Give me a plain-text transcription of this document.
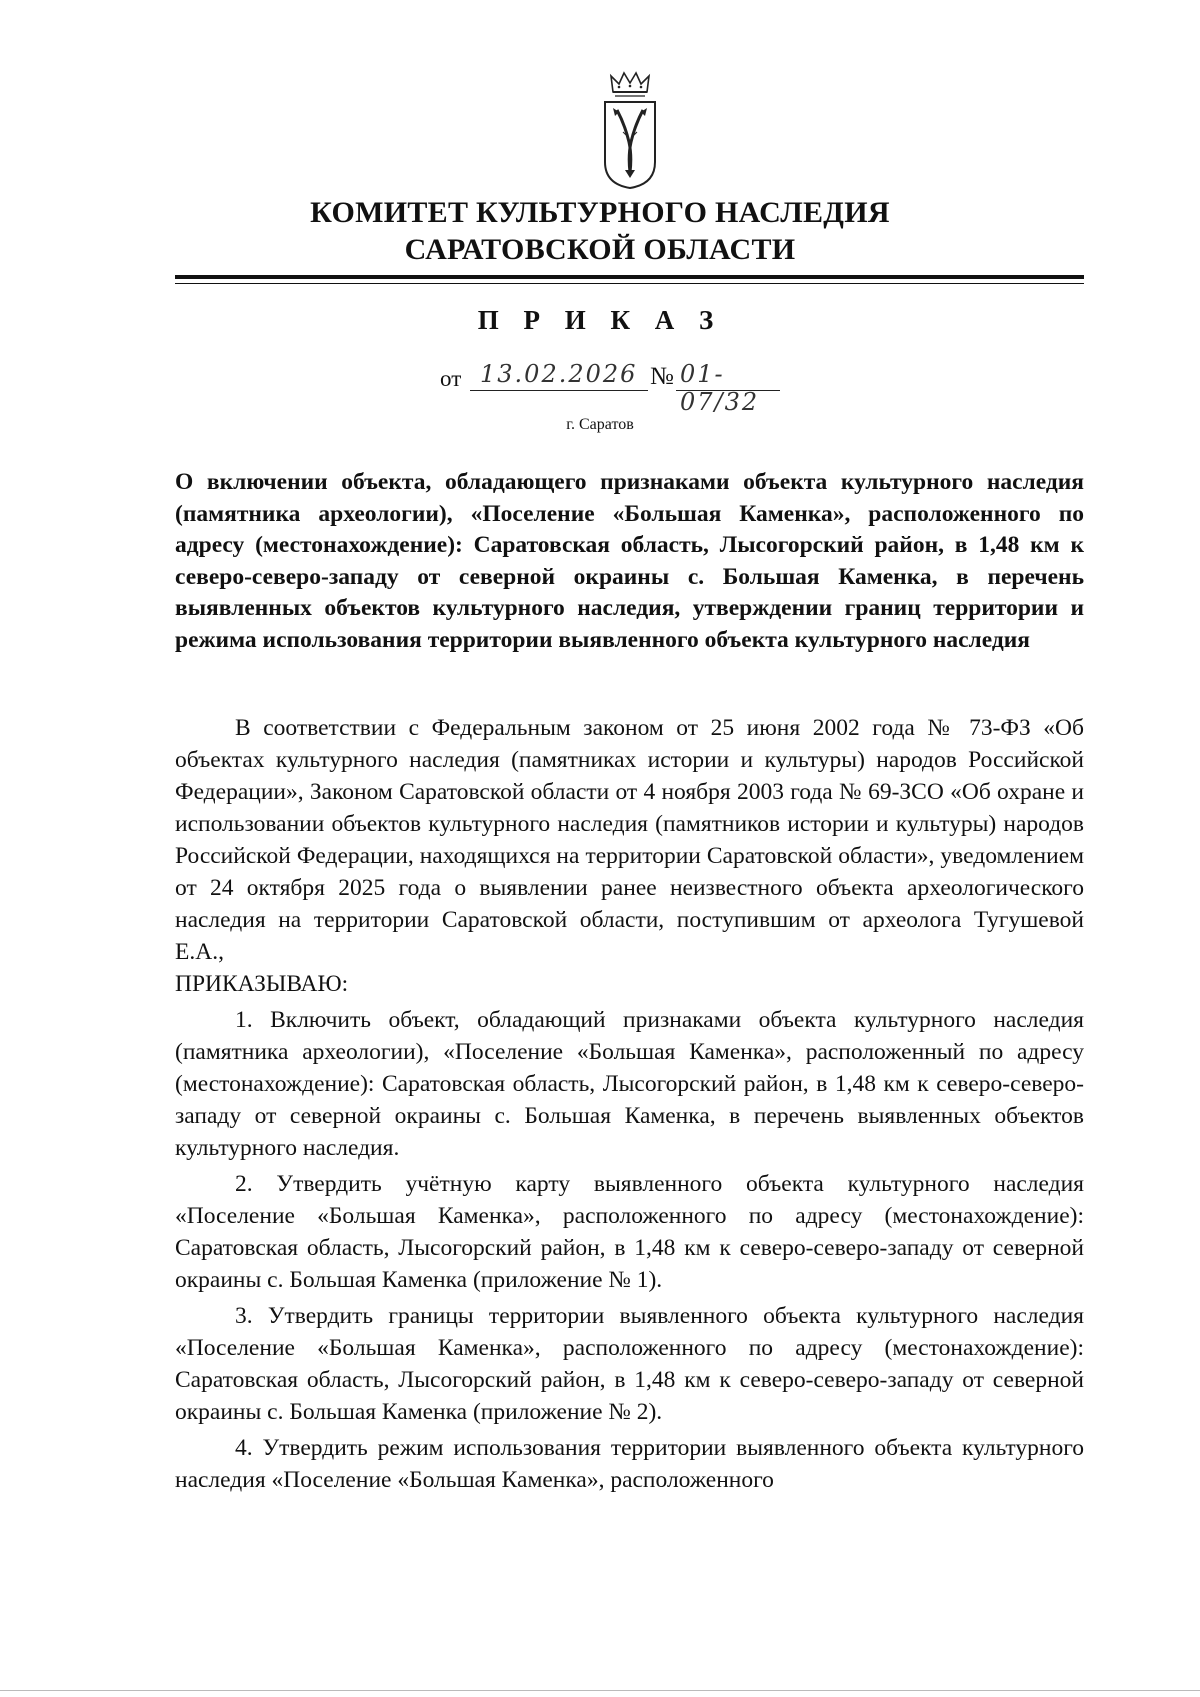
КОМИТЕТ КУЛЬТУРНОГО НАСЛЕДИЯ
САРАТОВСКОЙ ОБЛАСТИ
П Р И К А З
от 13.02.2026 № 01-07/32
г. Саратов
О включении объекта, обладающего признаками объекта культурного наследия (памятника археологии), «Поселение «Большая Каменка», расположенного по адресу (местонахождение): Саратовская область, Лысогорский район, в 1,48 км к северо-северо-западу от северной окраины с. Большая Каменка, в перечень выявленных объектов культурного наследия, утверждении границ территории и режима использования территории выявленного объекта культурного наследия

В соответствии с Федеральным законом от 25 июня 2002 года № 73-ФЗ «Об объектах культурного наследия (памятниках истории и культуры) народов Российской Федерации», Законом Саратовской области от 4 ноября 2003 года № 69-ЗСО «Об охране и использовании объектов культурного наследия (памятников истории и культуры) народов Российской Федерации, находящихся на территории Саратовской области», уведомлением от 24 октября 2025 года о выявлении ранее неизвестного объекта археологического наследия на территории Саратовской области, поступившим от археолога Тугушевой Е.А.,

ПРИКАЗЫВАЮ:

1. Включить объект, обладающий признаками объекта культурного наследия (памятника археологии), «Поселение «Большая Каменка», расположенный по адресу (местонахождение): Саратовская область, Лысогорский район, в 1,48 км к северо-северо-западу от северной окраины с. Большая Каменка, в перечень выявленных объектов культурного наследия.

2. Утвердить учётную карту выявленного объекта культурного наследия «Поселение «Большая Каменка», расположенного по адресу (местонахождение): Саратовская область, Лысогорский район, в 1,48 км к северо-северо-западу от северной окраины с. Большая Каменка (приложение № 1).

3. Утвердить границы территории выявленного объекта культурного наследия «Поселение «Большая Каменка», расположенного по адресу (местонахождение): Саратовская область, Лысогорский район, в 1,48 км к северо-северо-западу от северной окраины с. Большая Каменка (приложение № 2).

4. Утвердить режим использования территории выявленного объекта культурного наследия «Поселение «Большая Каменка», расположенного
